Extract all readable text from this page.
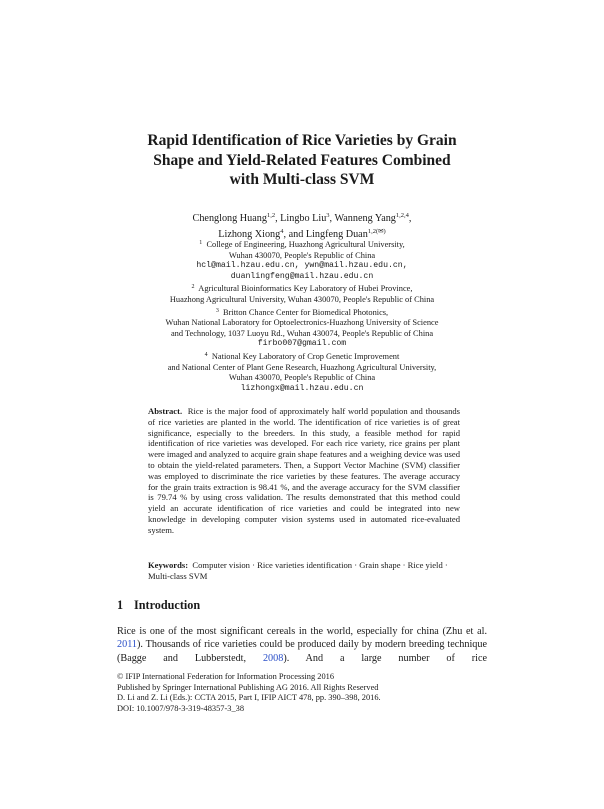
Rapid Identification of Rice Varieties by Grain
Shape and Yield-Related Features Combined
with Multi-class SVM
Chenglong Huang$^{1,2}$, Lingbo Liu$^3$, Wanneng Yang$^{1,2,4}$,
Lizhong Xiong$^4$, and Lingfeng Duan$^{1,2(✉)}$
$^1$ College of Engineering, Huazhong Agricultural University,
Wuhan 430070, People's Republic of China
hcl@mail.hzau.edu.cn, ywn@mail.hzau.edu.cn,
duanlingfeng@mail.hzau.edu.cn
$^2$ Agricultural Bioinformatics Key Laboratory of Hubei Province,
Huazhong Agricultural University, Wuhan 430070, People's Republic of China
$^3$ Britton Chance Center for Biomedical Photonics,
Wuhan National Laboratory for Optoelectronics-Huazhong University of Science
and Technology, 1037 Luoyu Rd., Wuhan 430074, People's Republic of China
firbo007@gmail.com
$^4$ National Key Laboratory of Crop Genetic Improvement
and National Center of Plant Gene Research, Huazhong Agricultural University,
Wuhan 430070, People's Republic of China
lizhongx@mail.hzau.edu.cn
Abstract. Rice is the major food of approximately half world population and thousands of rice varieties are planted in the world. The identification of rice varieties is of great significance, especially to the breeders. In this study, a feasible method for rapid identification of rice varieties was developed. For each rice variety, rice grains per plant were imaged and analyzed to acquire grain shape features and a weighing device was used to obtain the yield-related parameters. Then, a Support Vector Machine (SVM) classifier was employed to discriminate the rice varieties by these features. The average accuracy for the grain traits extraction is 98.41 %, and the average accuracy for the SVM classifier is 79.74 % by using cross validation. The results demonstrated that this method could yield an accurate identification of rice varieties and could be integrated into new knowledge in developing computer vision systems used in automated rice-evaluated system.
Keywords: Computer vision · Rice varieties identification · Grain shape · Rice yield · Multi-class SVM
1 Introduction
Rice is one of the most significant cereals in the world, especially for china (Zhu et al. 2011). Thousands of rice varieties could be produced daily by modern breeding technique (Bagge and Lubberstedt, 2008). And a large number of rice
© IFIP International Federation for Information Processing 2016
Published by Springer International Publishing AG 2016. All Rights Reserved
D. Li and Z. Li (Eds.): CCTA 2015, Part I, IFIP AICT 478, pp. 390–398, 2016.
DOI: 10.1007/978-3-319-48357-3_38
